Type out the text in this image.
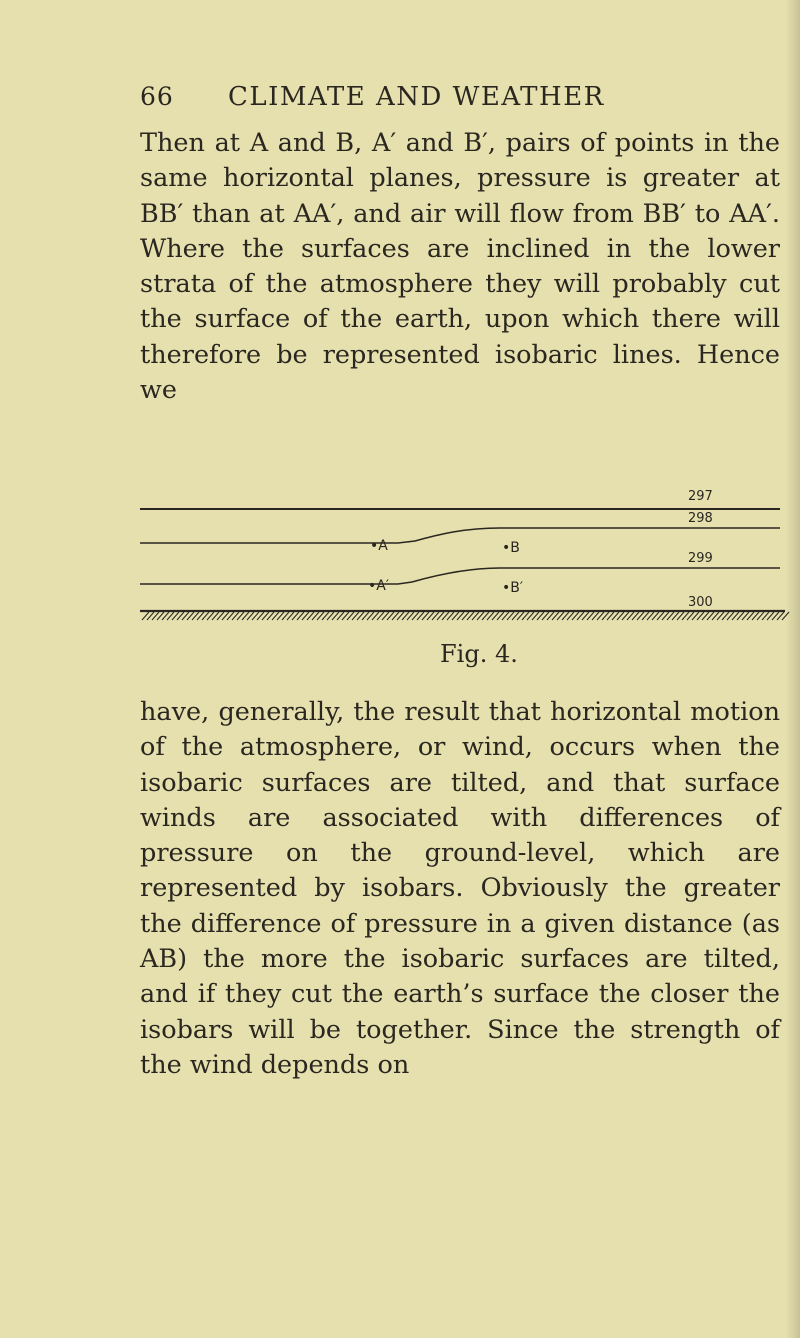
66 CLIMATE AND WEATHER

Then at A and B, A′ and B′, pairs of points in the same horizontal planes, pressure is greater at BB′ than at AA′, and air will flow from BB′ to AA′. Where the surfaces are inclined in the lower strata of the atmosphere they will probably cut the surface of the earth, upon which there will therefore be represented isobaric lines. Hence we

297
298
299
300
•A	•B
•A′	•B′
Fig. 4.

have, generally, the result that horizontal motion of the atmosphere, or wind, occurs when the isobaric surfaces are tilted, and that surface winds are associated with differences of pressure on the ground-level, which are represented by isobars. Obviously the greater the difference of pressure in a given distance (as AB) the more the isobaric surfaces are tilted, and if they cut the earth’s surface the closer the isobars will be together. Since the strength of the wind depends on
